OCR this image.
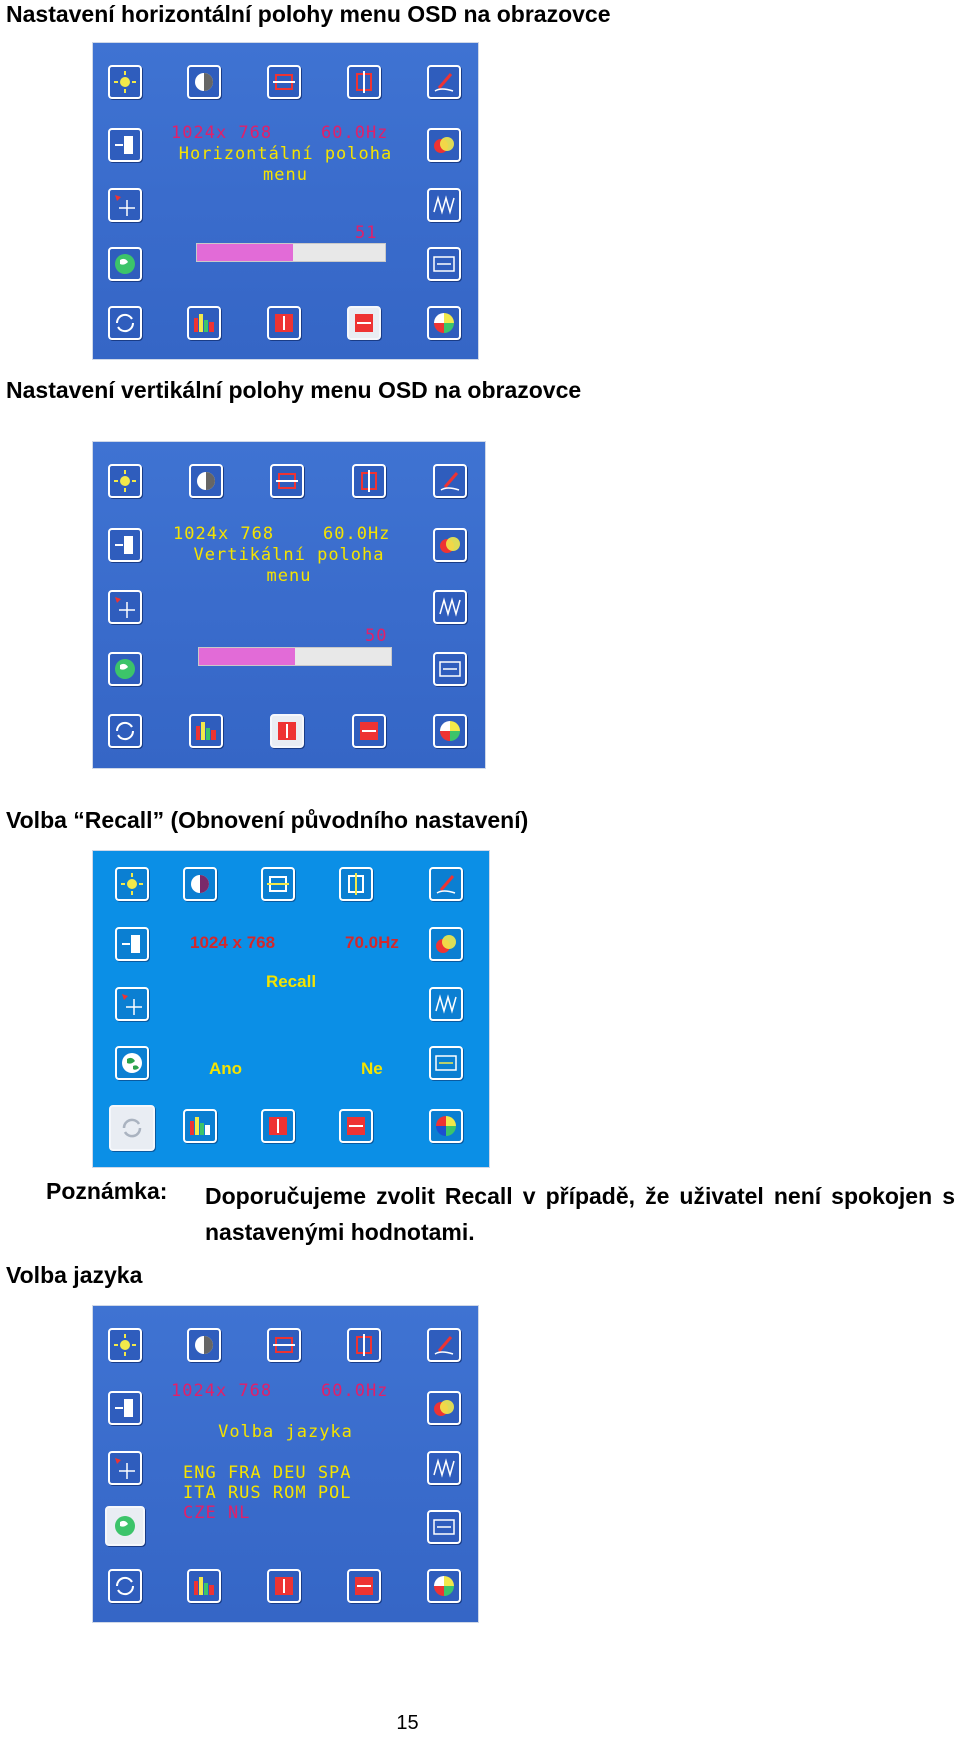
Nastavení horizontální polohy menu OSD na obrazovce
1024x 768	60.0Hz
Horizontální poloha
menu
51
Nastavení vertikální polohy menu OSD na obrazovce
1024x 768	60.0Hz
Vertikální poloha
menu
50
Volba “Recall” (Obnovení původního nastavení)
1024 x 768	70.0Hz
Recall
Ano	Ne
Poznámka: Doporučujeme zvolit Recall v případě, že uživatel není spokojen s nastavenými hodnotami.
Volba jazyka
1024x 768	60.0Hz
Volba jazyka
ENG FRA DEU SPA
ITA RUS ROM POL
CZE NL
15
